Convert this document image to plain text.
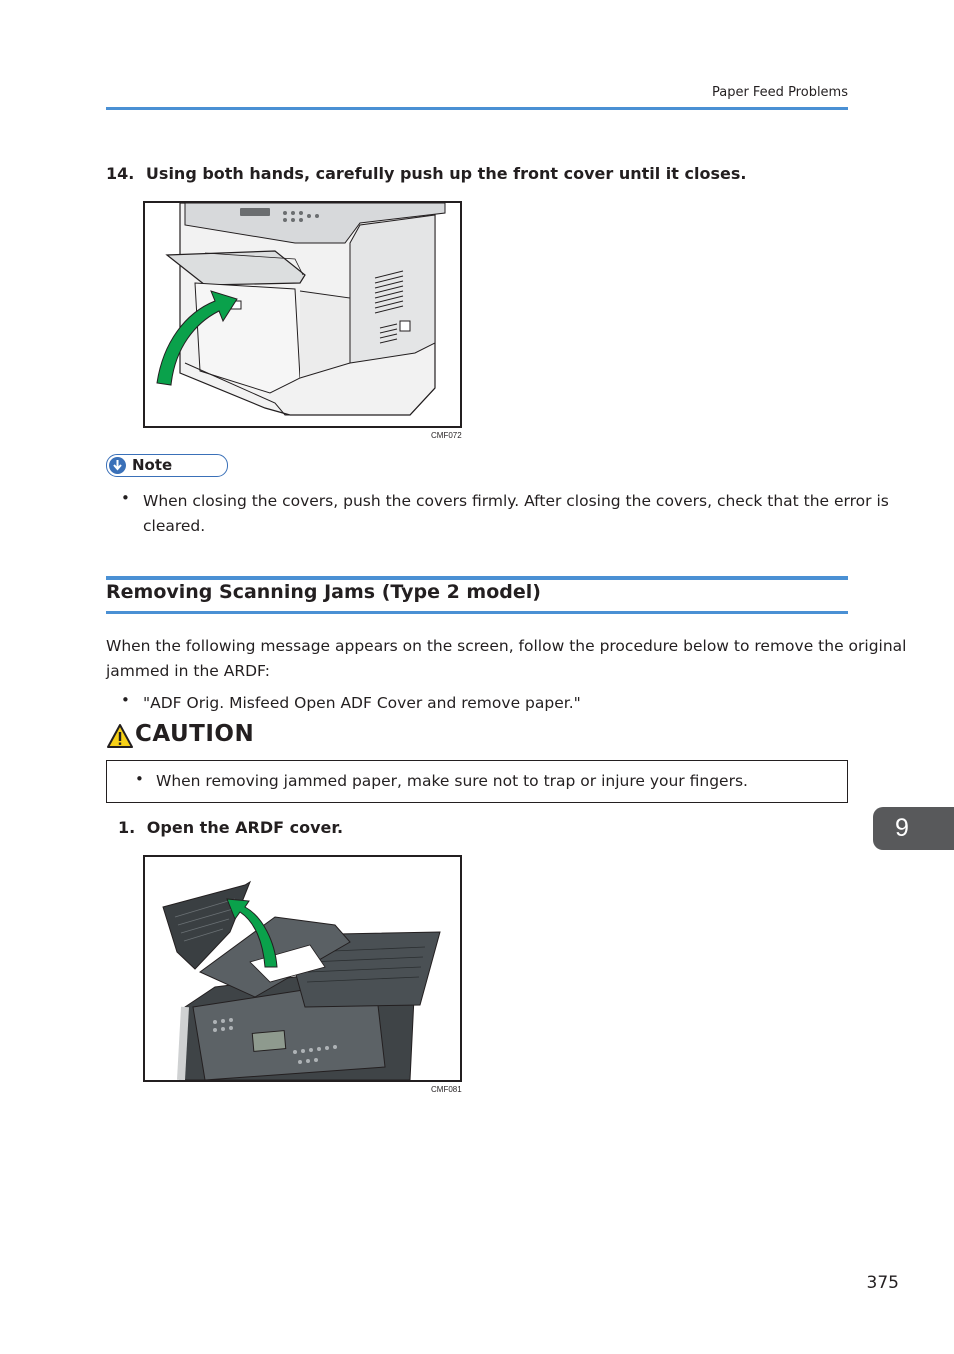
Paper Feed Problems
14. Using both hands, carefully push up the front cover until it closes.
CMF072
Note
• When closing the covers, push the covers firmly. After closing the covers, check that the error is
cleared.
Removing Scanning Jams (Type 2 model)
When the following message appears on the screen, follow the procedure below to remove the original
jammed in the ARDF:
• "ADF Orig. Misfeed Open ADF Cover and remove paper."
CAUTION
• When removing jammed paper, make sure not to trap or injure your fingers.
1. Open the ARDF cover.
CMF081
9
375
